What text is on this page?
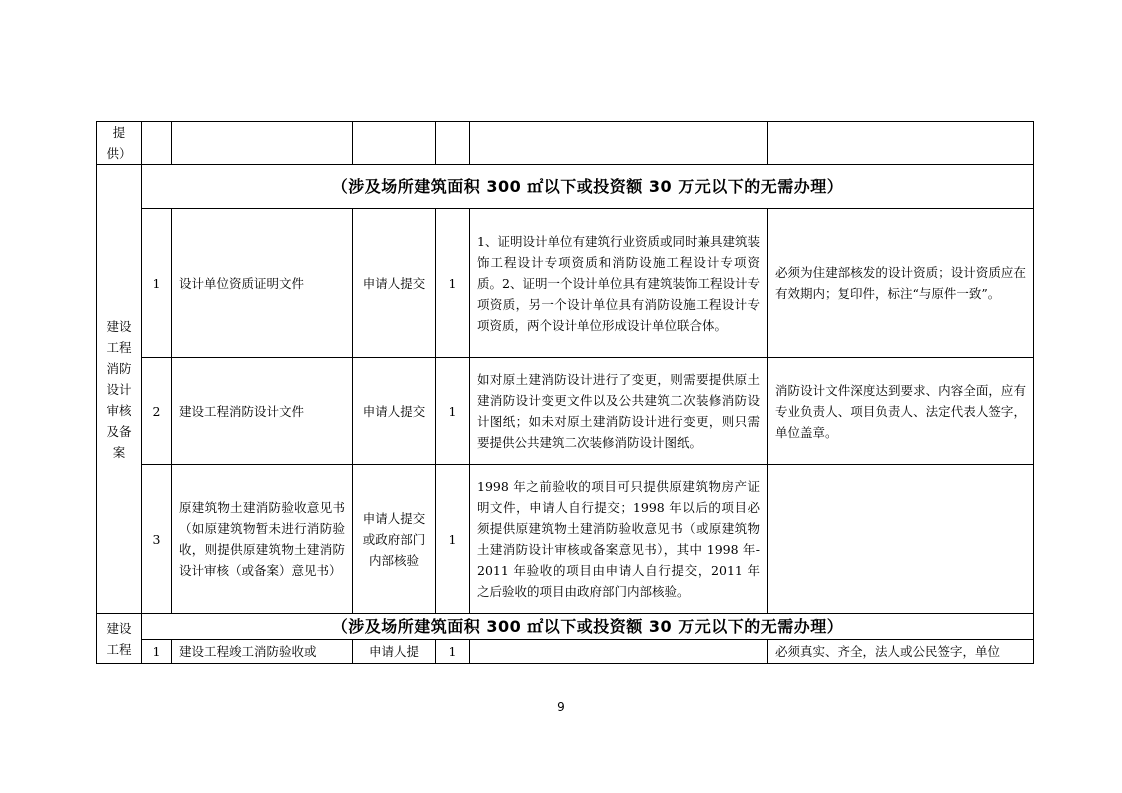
提供）						
建设工程消防设计审核及备案	（涉及场所建筑面积 300 ㎡以下或投资额 30 万元以下的无需办理）					
	1	设计单位资质证明文件	申请人提交	1	1、证明设计单位有建筑行业资质或同时兼具建筑装饰工程设计专项资质和消防设施工程设计专项资质。2、证明一个设计单位具有建筑装饰工程设计专项资质，另一个设计单位具有消防设施工程设计专项资质，两个设计单位形成设计单位联合体。	必须为住建部核发的设计资质；设计资质应在有效期内；复印件，标注“与原件一致”。
	2	建设工程消防设计文件	申请人提交	1	如对原土建消防设计进行了变更，则需要提供原土建消防设计变更文件以及公共建筑二次装修消防设计图纸；如未对原土建消防设计进行变更，则只需要提供公共建筑二次装修消防设计图纸。	消防设计文件深度达到要求、内容全面，应有专业负责人、项目负责人、法定代表人签字，单位盖章。
	3	原建筑物土建消防验收意见书（如原建筑物暂未进行消防验收，则提供原建筑物土建消防设计审核（或备案）意见书）	申请人提交或政府部门内部核验	1	1998 年之前验收的项目可只提供原建筑物房产证明文件，申请人自行提交；1998 年以后的项目必须提供原建筑物土建消防验收意见书（或原建筑物土建消防设计审核或备案意见书），其中 1998 年-2011 年验收的项目由申请人自行提交，2011 年之后验收的项目由政府部门内部核验。	
建设工程	（涉及场所建筑面积 300 ㎡以下或投资额 30 万元以下的无需办理）					
	1	建设工程竣工消防验收或	申请人提	1		必须真实、齐全，法人或公民签字，单位
9
